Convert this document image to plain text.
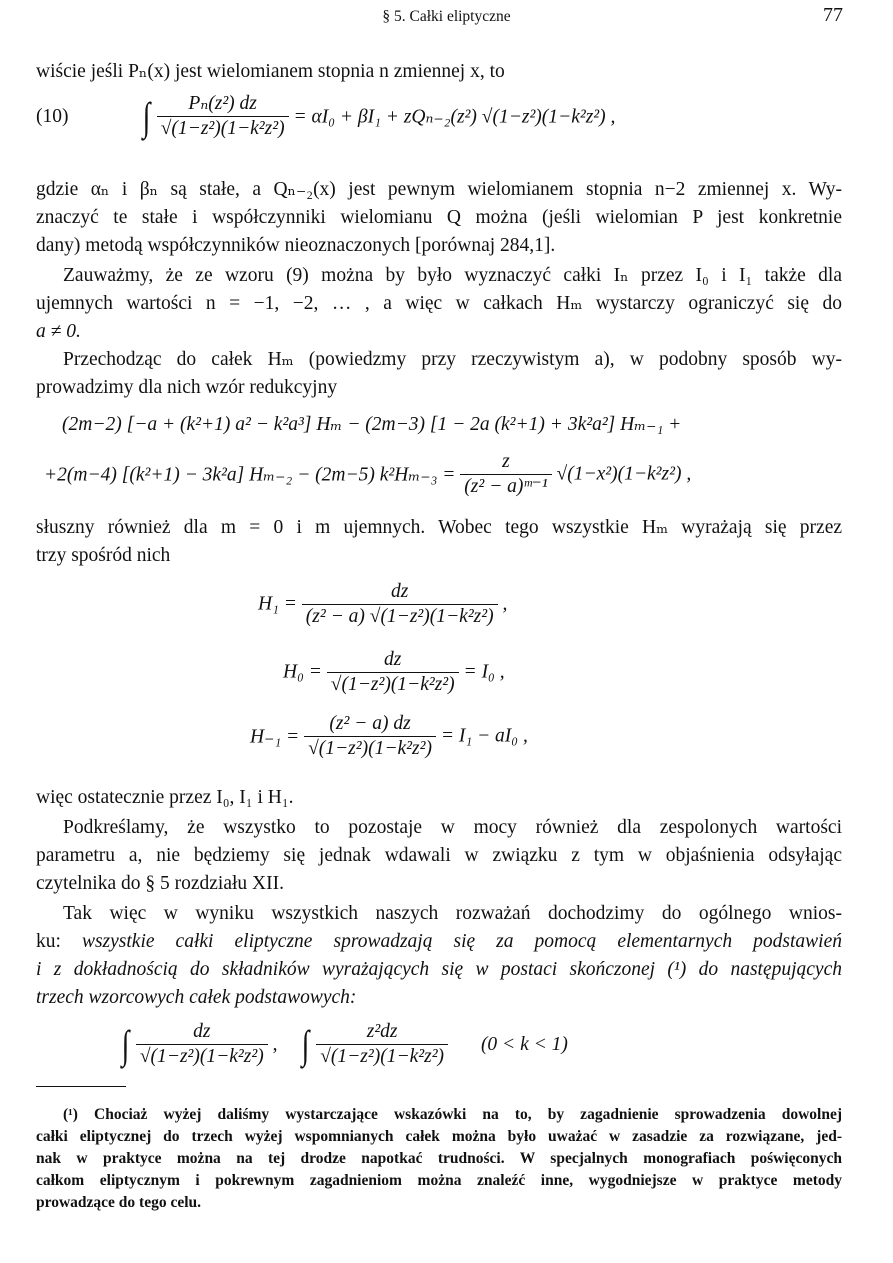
§ 5. Całki eliptyczne	77
wiście jeśli Pₙ(x) jest wielomianem stopnia n zmiennej x, to
(10) ∫ $\frac{\text{Pₙ(z²) dz}}{\text{√(1−z²)(1−k²z²)}} = \alpha I_0 + \beta I_1 + zQ_{n-2}(z^2)$ √(1−z²)(1−k²z²) ,
gdzie αₙ i βₙ są stałe, a Qₙ₋₂(x) jest pewnym wielomianem stopnia n−2 zmiennej x. Wy-
znaczyć te stałe i współczynniki wielomianu Q można (jeśli wielomian P jest konkretnie
dany) metodą współczynników nieoznaczonych [porównaj 284,1].
Zauważmy, że ze wzoru (9) można by było wyznaczyć całki Iₙ przez I₀ i I₁ także dla
ujemnych wartości n = −1, −2, … , a więc w całkach Hₘ wystarczy ograniczyć się do
a ≠ 0.
Przechodząc do całek Hₘ (powiedzmy przy rzeczywistym a), w podobny sposób wy-
prowadzimy dla nich wzór redukcyjny
(2m−2) [−a + (k²+1) a² − k²a³] Hₘ − (2m−3) [1 − 2a (k²+1) + 3k²a²] Hₘ₋₁ +
+2(m−4) [(k²+1) − 3k²a] Hₘ₋₂ − (2m−5) $k^2H_{m-3} = \frac{z}{\text{(z² − a)ᵐ⁻¹}} √(1-x^2)(1-k^2z^2)$ ,
słuszny również dla m = 0 i m ujemnych. Wobec tego wszystkie Hₘ wyrażają się przez
trzy spośród nich
$H_1 = \frac{dz}{\text{(z² − a) √(1−z²)(1−k²z²)}}$ ,
$H_0 = \frac{dz}{\text{√(1−z²)(1−k²z²)}} = I_0$ ,
$H_{-1} = \frac{\text{(z² − a) dz}}{\text{√(1−z²)(1−k²z²)}} = I_1 - aI_0$ ,
więc ostatecznie przez I₀, I₁ i H₁.
Podkreślamy, że wszystko to pozostaje w mocy również dla zespolonych wartości
parametru a, nie będziemy się jednak wdawali w związku z tym w objaśnienia odsyłając
czytelnika do § 5 rozdziału XII.
Tak więc w wyniku wszystkich naszych rozważań dochodzimy do ogólnego wnios-
ku: wszystkie całki eliptyczne sprowadzają się za pomocą elementarnych podstawień
i z dokładnością do składników wyrażających się w postaci skończonej (¹) do następujących
trzech wzorcowych całek podstawowych:
∫ $\frac{dz}{\text{√(1−z²)(1−k²z²)}}$ , ∫ $\frac{\text{z²dz}}{\text{√(1−z²)(1−k²z²)}} (0 < k < 1)$
(¹) Chociaż wyżej daliśmy wystarczające wskazówki na to, by zagadnienie sprowadzenia dowolnej
całki eliptycznej do trzech wyżej wspomnianych całek można było uważać w zasadzie za rozwiązane, jed-
nak w praktyce można na tej drodze napotkać trudności. W specjalnych monografiach poświęconych
całkom eliptycznym i pokrewnym zagadnieniom można znaleźć inne, wygodniejsze w praktyce metody
prowadzące do tego celu.
